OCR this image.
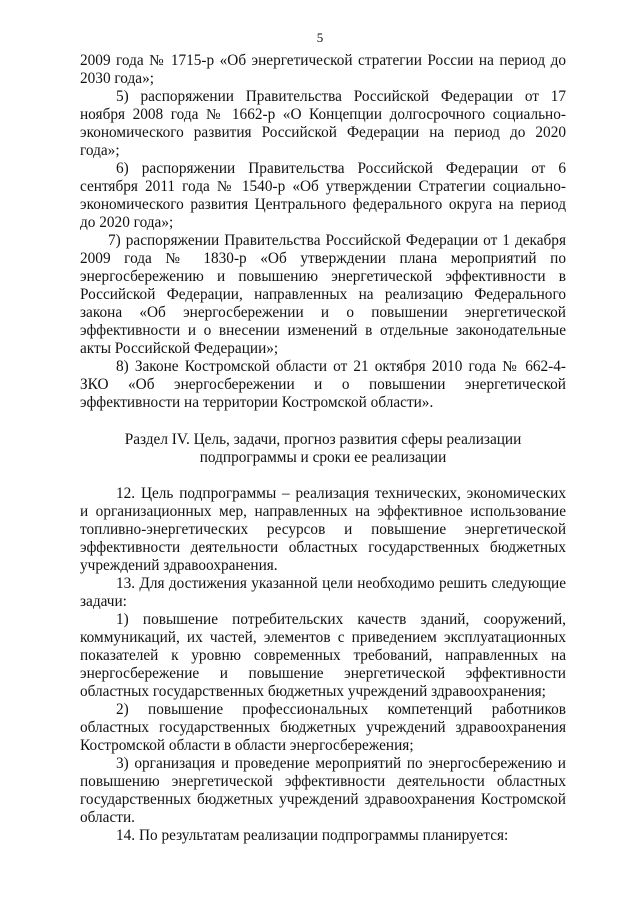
5

2009 года № 1715-р «Об энергетической стратегии России на период до 2030 года»;

5) распоряжении Правительства Российской Федерации от 17 ноября 2008 года № 1662-р «О Концепции долгосрочного социально-экономического развития Российской Федерации на период до 2020 года»;

6) распоряжении Правительства Российской Федерации от 6 сентября 2011 года № 1540-р «Об утверждении Стратегии социально-экономического развития Центрального федерального округа на период до 2020 года»;

7) распоряжении Правительства Российской Федерации от 1 декабря 2009 года № 1830-р «Об утверждении плана мероприятий по энергосбережению и повышению энергетической эффективности в Российской Федерации, направленных на реализацию Федерального закона «Об энергосбережении и о повышении энергетической эффективности и о внесении изменений в отдельные законодательные акты Российской Федерации»;

8) Законе Костромской области от 21 октября 2010 года № 662-4-ЗКО «Об энергосбережении и о повышении энергетической эффективности на территории Костромской области».

Раздел IV. Цель, задачи, прогноз развития сферы реализации
подпрограммы и сроки ее реализации

12. Цель подпрограммы – реализация технических, экономических и организационных мер, направленных на эффективное использование топливно-энергетических ресурсов и повышение энергетической эффективности деятельности областных государственных бюджетных учреждений здравоохранения.

13. Для достижения указанной цели необходимо решить следующие задачи:

1) повышение потребительских качеств зданий, сооружений, коммуникаций, их частей, элементов с приведением эксплуатационных показателей к уровню современных требований, направленных на энергосбережение и повышение энергетической эффективности областных государственных бюджетных учреждений здравоохранения;

2) повышение профессиональных компетенций работников областных государственных бюджетных учреждений здравоохранения Костромской области в области энергосбережения;

3) организация и проведение мероприятий по энергосбережению и повышению энергетической эффективности деятельности областных государственных бюджетных учреждений здравоохранения Костромской области.

14. По результатам реализации подпрограммы планируется:
